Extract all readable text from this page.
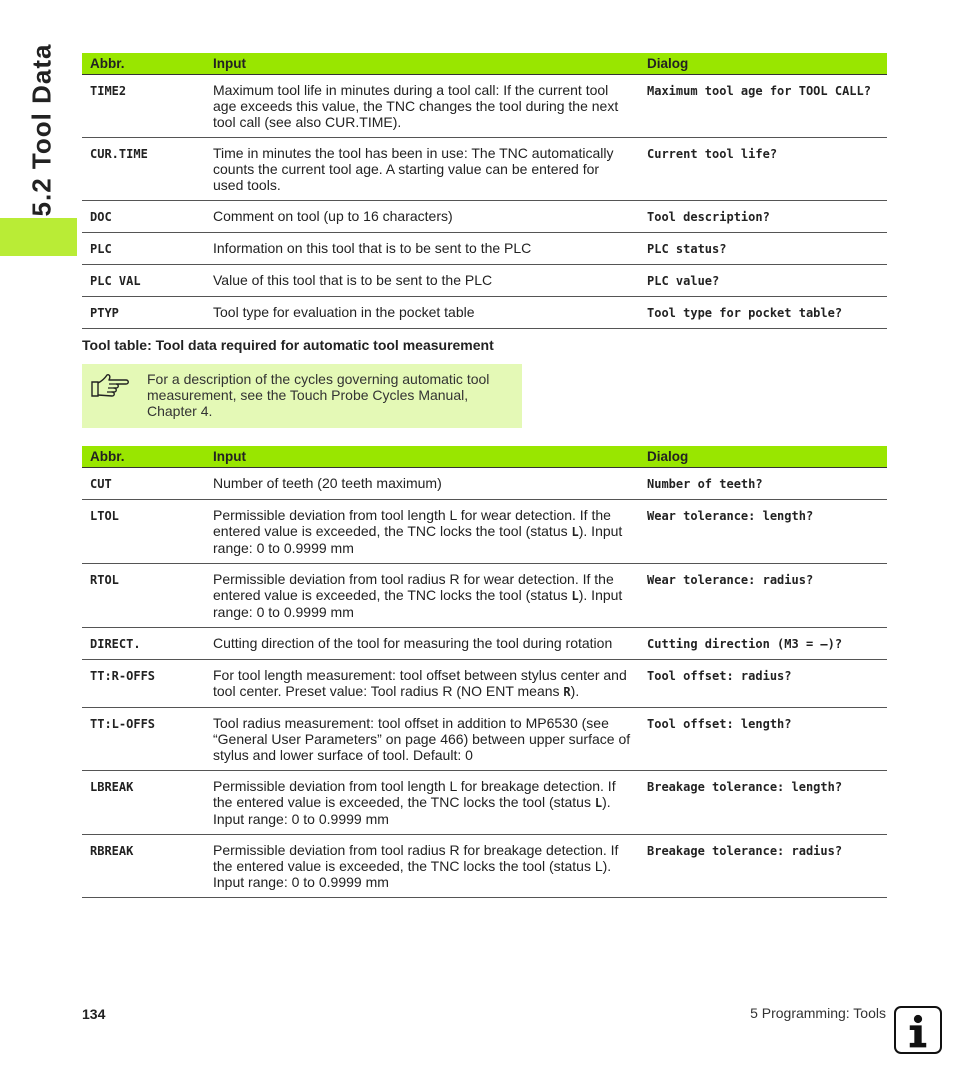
5.2 Tool Data Abbr.	Input	Dialog
TIME2	Maximum tool life in minutes during a tool call: If the current tool age exceeds this value, the TNC changes the tool during the next tool call (see also CUR.TIME).	Maximum tool age for TOOL CALL?
CUR.TIME	Time in minutes the tool has been in use: The TNC automatically counts the current tool age. A starting value can be entered for used tools.	Current tool life?
DOC	Comment on tool (up to 16 characters)	Tool description?
PLC	Information on this tool that is to be sent to the PLC	PLC status?
PLC VAL	Value of this tool that is to be sent to the PLC	PLC value?
PTYP	Tool type for evaluation in the pocket table	Tool type for pocket table?
Tool table: Tool data required for automatic tool measurement
For a description of the cycles governing automatic tool measurement, see the Touch Probe Cycles Manual, Chapter 4.
Abbr.	Input	Dialog
CUT	Number of teeth (20 teeth maximum)	Number of teeth?
LTOL	Permissible deviation from tool length L for wear detection. If the entered value is exceeded, the TNC locks the tool (status L). Input range: 0 to 0.9999 mm	Wear tolerance: length?
RTOL	Permissible deviation from tool radius R for wear detection. If the entered value is exceeded, the TNC locks the tool (status L). Input range: 0 to 0.9999 mm	Wear tolerance: radius?
DIRECT.	Cutting direction of the tool for measuring the tool during rotation	Cutting direction (M3 = –)?
TT:R-OFFS	For tool length measurement: tool offset between stylus center and tool center. Preset value: Tool radius R (NO ENT means R).	Tool offset: radius?
TT:L-OFFS	Tool radius measurement: tool offset in addition to MP6530 (see “General User Parameters” on page 466) between upper surface of stylus and lower surface of tool. Default: 0	Tool offset: length?
LBREAK	Permissible deviation from tool length L for breakage detection. If the entered value is exceeded, the TNC locks the tool (status L). Input range: 0 to 0.9999 mm	Breakage tolerance: length?
RBREAK	Permissible deviation from tool radius R for breakage detection. If the entered value is exceeded, the TNC locks the tool (status L). Input range: 0 to 0.9999 mm	Breakage tolerance: radius?
134	5 Programming: Tools
